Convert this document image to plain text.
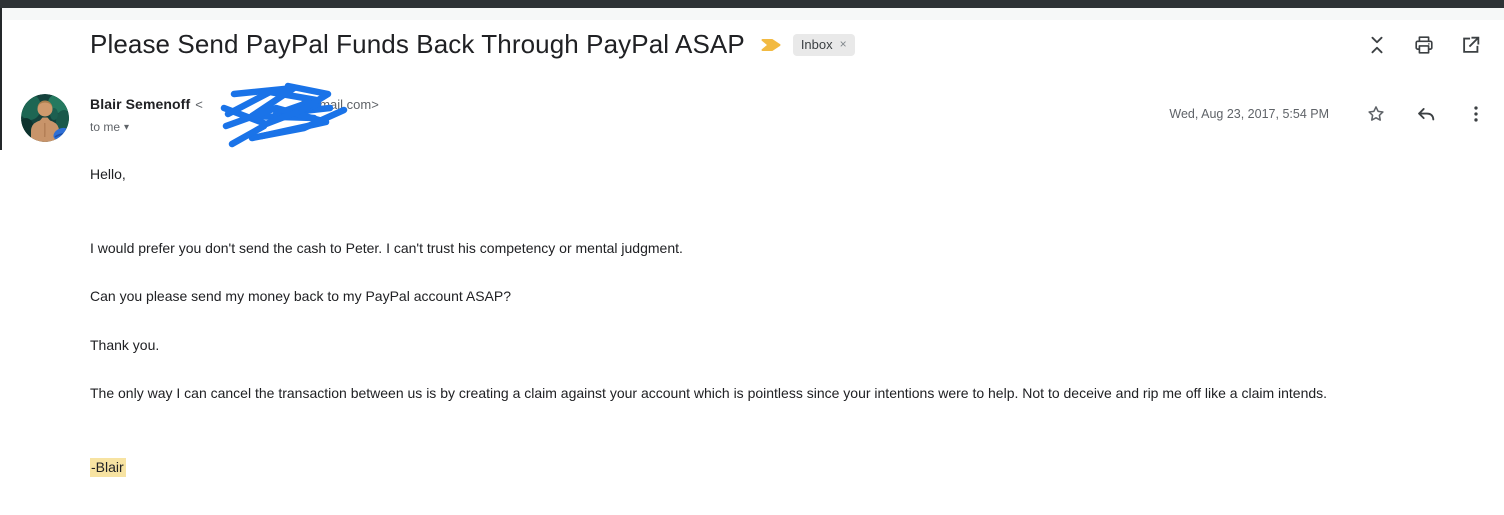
Please Send PayPal Funds Back Through PayPal ASAP	Inbox ×
Blair Semenoff <	@gmail.com>
to me ▾
Wed, Aug 23, 2017, 5:54 PM

Hello,

I would prefer you don't send the cash to Peter. I can't trust his competency or mental judgment.

Can you please send my money back to my PayPal account ASAP?

Thank you.

The only way I can cancel the transaction between us is by creating a claim against your account which is pointless since your intentions were to help. Not to deceive and rip me off like a claim intends.

-Blair
